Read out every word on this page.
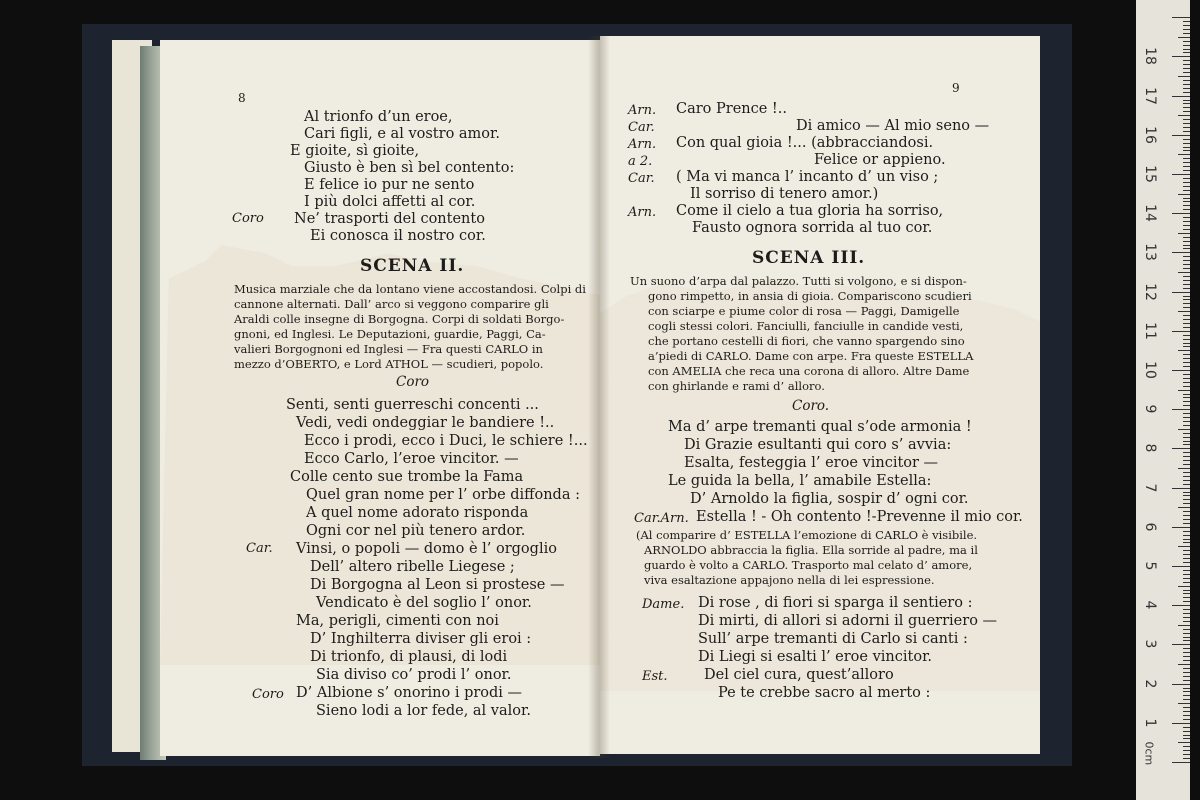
8

Coro

Al trionfo d’un eroe,

Cari figli, e al vostro amor.

E gioite, sì gioite,

Giusto è ben sì bel contento:

E felice io pur ne sento

I più dolci affetti al cor.

Ne’ trasporti del contento

Ei conosca il nostro cor.

SCENA II.

Musica marziale che da lontano viene accostandosi. Colpi di

cannone alternati. Dall’ arco si veggono comparire gli

Araldi colle insegne di Borgogna. Corpi di soldati Borgo-

gnoni, ed Inglesi. Le Deputazioni, guardie, Paggi, Ca-

valieri Borgognoni ed Inglesi — Fra questi CARLO in

mezzo d’OBERTO, e Lord ATHOL — scudieri, popolo.

Coro

Senti, senti guerreschi concenti ...

Vedi, vedi ondeggiar le bandiere !..

Ecco i prodi, ecco i Duci, le schiere !...

Ecco Carlo, l’eroe vincitor. —

Colle cento sue trombe la Fama

Quel gran nome per l’ orbe diffonda :

A quel nome adorato risponda

Ogni cor nel più tenero ardor.

Car. Vinsi, o popoli — domo è l’ orgoglio

Dell’ altero ribelle Liegese ;

Di Borgogna al Leon si prostese —

Vendicato è del soglio l’ onor.

Ma, perigli, cimenti con noi

D’ Inghilterra diviser gli eroi :

Di trionfo, di plausi, di lodi

Sia diviso co’ prodi l’ onor.

Coro D’ Albione s’ onorino i prodi —

Sieno lodi a lor fede, al valor.

9

Arn. Caro Prence !..

Car.	Di amico — Al mio seno —

Arn. Con qual gioia !... (abbracciandosi.

a 2.	Felice or appieno.

Car. ( Ma vi manca l’ incanto d’ un viso ;

Il sorriso di tenero amor.)

Arn. Come il cielo a tua gloria ha sorriso,

Fausto ognora sorrida al tuo cor.

SCENA III.

Un suono d’arpa dal palazzo. Tutti si volgono, e si dispon-

gono rimpetto, in ansia di gioia. Compariscono scudieri

con sciarpe e piume color di rosa — Paggi, Damigelle

cogli stessi colori. Fanciulli, fanciulle in candide vesti,

che portano cestelli di fiori, che vanno spargendo sino

a’piedi di CARLO. Dame con arpe. Fra queste ESTELLA

con AMELIA che reca una corona di alloro. Altre Dame

con ghirlande e rami d’ alloro.

Coro.

Ma d’ arpe tremanti qual s’ode armonia !

Di Grazie esultanti qui coro s’ avvia:

Esalta, festeggia l’ eroe vincitor —

Le guida la bella, l’ amabile Estella:

D’ Arnoldo la figlia, sospir d’ ogni cor.

Car.Arn. Estella ! - Oh contento !-Prevenne il mio cor.

(Al comparire d’ ESTELLA l’emozione di CARLO è visibile.

ARNOLDO abbraccia la figlia. Ella sorride al padre, ma il

guardo è volto a CARLO. Trasporto mal celato d’ amore,

viva esaltazione appajono nella di lei espressione.

Dame. Di rose , di fiori si sparga il sentiero :

Di mirti, di allori si adorni il guerriero —

Sull’ arpe tremanti di Carlo si canti :

Di Liegi si esalti l’ eroe vincitor.

Est.	Del ciel cura, quest’alloro

Pe te crebbe sacro al merto :

0cm
1
2
3
4
5
6
7
8
9
10
11
12
13
14
15
16
17
18
